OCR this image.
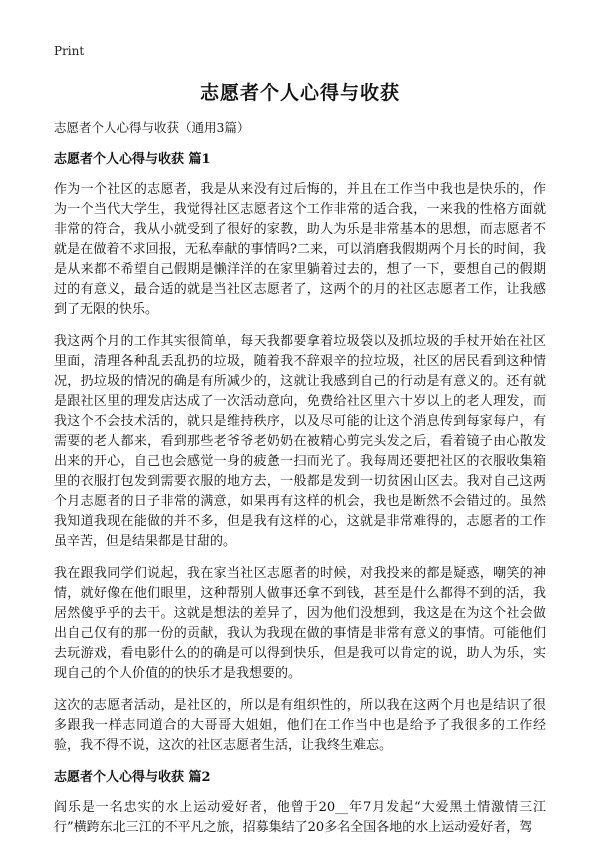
Print
志愿者个人心得与收获
志愿者个人心得与收获（通用3篇）
志愿者个人心得与收获 篇1

作为一个社区的志愿者，我是从来没有过后悔的，并且在工作当中我也是快乐的，作为一个当代大学生，我觉得社区志愿者这个工作非常的适合我，一来我的性格方面就非常的符合，我从小就受到了很好的家教，助人为乐是非常基本的思想，而志愿者不就是在做着不求回报，无私奉献的事情吗?二来，可以消磨我假期两个月长的时间，我是从来都不希望自己假期是懒洋洋的在家里躺着过去的，想了一下，要想自己的假期过的有意义，最合适的就是当社区志愿者了，这两个的月的社区志愿者工作，让我感到了无限的快乐。

我这两个月的工作其实很简单，每天我都要拿着垃圾袋以及抓垃圾的手杖开始在社区里面，清理各种乱丢乱扔的垃圾，随着我不辞艰辛的拉垃圾，社区的居民看到这种情况，扔垃圾的情况的确是有所减少的，这就让我感到自己的行动是有意义的。还有就是跟社区里的理发店达成了一次活动意向，免费给社区里六十岁以上的老人理发，而我这个不会技术活的，就只是维持秩序，以及尽可能的让这个消息传到每家每户，有需要的老人都来，看到那些老爷爷老奶奶在被精心剪完头发之后，看着镜子由心散发出来的开心，自己也会感觉一身的疲惫一扫而光了。我每周还要把社区的衣服收集箱里的衣服打包发到需要衣服的地方去，一般都是发到一切贫困山区去。我对自己这两个月志愿者的日子非常的满意，如果再有这样的机会，我也是断然不会错过的。虽然我知道我现在能做的并不多，但是我有这样的心，这就是非常难得的，志愿者的工作虽辛苦，但是结果都是甘甜的。

我在跟我同学们说起，我在家当社区志愿者的时候，对我投来的都是疑惑，嘲笑的神情，就好像在他们眼里，这种帮别人做事还拿不到钱，甚至是什么都得不到的活，我居然傻乎乎的去干。这就是想法的差异了，因为他们没想到，我这是在为这个社会做出自己仅有的那一份的贡献，我认为我现在做的事情是非常有意义的事情。可能他们去玩游戏，看电影什么的的确是可以得到快乐，但是我可以肯定的说，助人为乐，实现自己的个人价值的的快乐才是我想要的。

这次的志愿者活动，是社区的，所以是有组织性的，所以我在这两个月也是结识了很多跟我一样志同道合的大哥哥大姐姐，他们在工作当中也是给予了我很多的工作经验，我不得不说，这次的社区志愿者生活，让我终生难忘。

志愿者个人心得与收获 篇2

阎乐是一名忠实的水上运动爱好者，他曾于20__年7月发起“大爱黑土情激情三江行”横跨东北三江的不平凡之旅，招募集结了20多名全国各地的水上运动爱好者，驾
